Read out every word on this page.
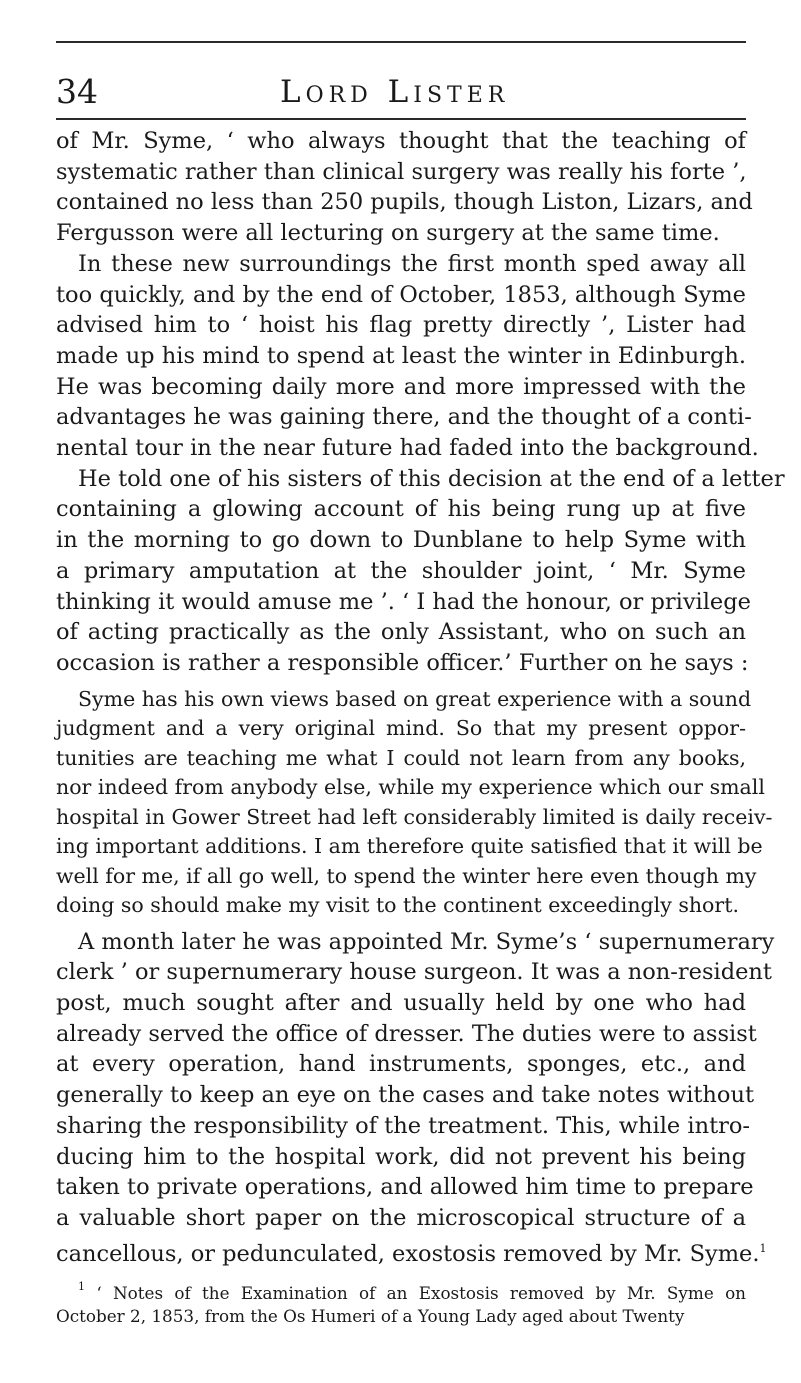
34	Lord Lister
of Mr. Syme, ‘ who always thought that the teaching of
systematic rather than clinical surgery was really his forte ’,
contained no less than 250 pupils, though Liston, Lizars, and
Fergusson were all lecturing on surgery at the same time.
In these new surroundings the first month sped away all
too quickly, and by the end of October, 1853, although Syme
advised him to ‘ hoist his flag pretty directly ’, Lister had
made up his mind to spend at least the winter in Edinburgh.
He was becoming daily more and more impressed with the
advantages he was gaining there, and the thought of a conti-
nental tour in the near future had faded into the background.
He told one of his sisters of this decision at the end of a letter
containing a glowing account of his being rung up at five
in the morning to go down to Dunblane to help Syme with
a primary amputation at the shoulder joint, ‘ Mr. Syme
thinking it would amuse me ’. ‘ I had the honour, or privilege
of acting practically as the only Assistant, who on such an
occasion is rather a responsible officer.’ Further on he says :
Syme has his own views based on great experience with a sound
judgment and a very original mind. So that my present oppor-
tunities are teaching me what I could not learn from any books,
nor indeed from anybody else, while my experience which our small
hospital in Gower Street had left considerably limited is daily receiv-
ing important additions. I am therefore quite satisfied that it will be
well for me, if all go well, to spend the winter here even though my
doing so should make my visit to the continent exceedingly short.
A month later he was appointed Mr. Syme’s ‘ supernumerary
clerk ’ or supernumerary house surgeon. It was a non-resident
post, much sought after and usually held by one who had
already served the office of dresser. The duties were to assist
at every operation, hand instruments, sponges, etc., and
generally to keep an eye on the cases and take notes without
sharing the responsibility of the treatment. This, while intro-
ducing him to the hospital work, did not prevent his being
taken to private operations, and allowed him time to prepare
a valuable short paper on the microscopical structure of a
cancellous, or pedunculated, exostosis removed by Mr. Syme.$^1$
$^1$ ‘ Notes of the Examination of an Exostosis removed by Mr. Syme on
October 2, 1853, from the Os Humeri of a Young Lady aged about Twenty
